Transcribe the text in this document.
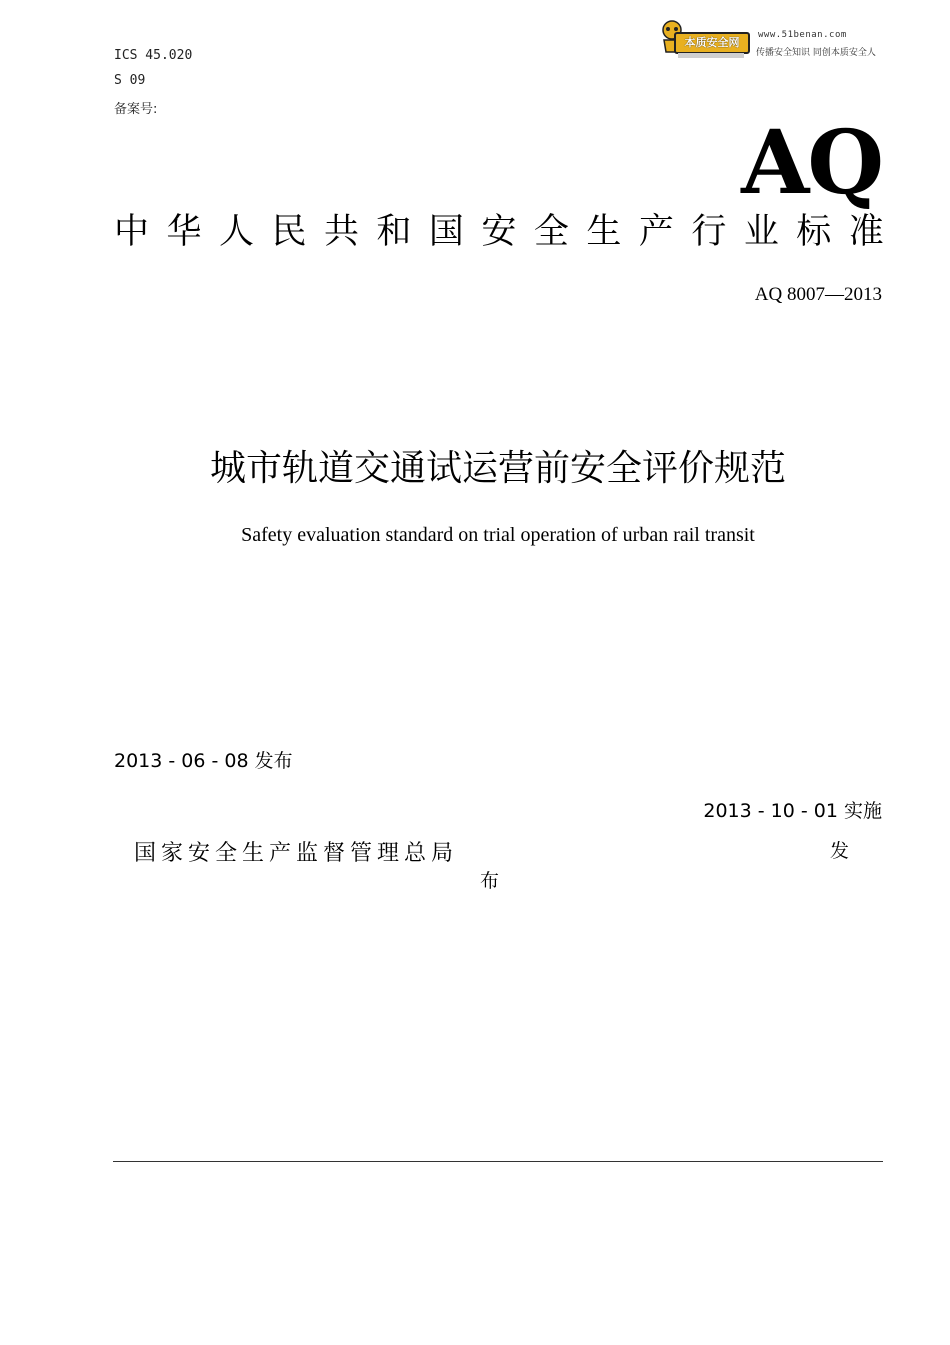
ICS 45.020
S 09
备案号:
本质安全网
www.51benan.com
传播安全知识 同创本质安全人
AQ
中 华 人 民 共 和 国 安 全 生 产 行 业 标 准
AQ 8007—2013
城市轨道交通试运营前安全评价规范
Safety evaluation standard on trial operation of urban rail transit
2013 - 06 - 08 发布
2013 - 10 - 01 实施
国家安全生产监督管理总局	发
布
